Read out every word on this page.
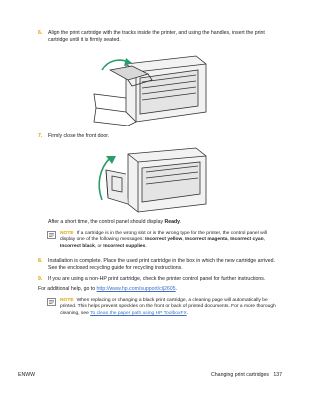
6. Align the print cartridge with the tracks inside the printer, and using the handles, insert the print cartridge until it is firmly seated.
7. Firmly close the front door.
After a short time, the control panel should display Ready.
NOTE If a cartridge is in the wrong slot or is the wrong type for the printer, the control panel will display one of the following messages: Incorrect yellow, Incorrect magenta, Incorrect cyan, Incorrect black, or Incorrect supplies.
8. Installation is complete. Place the used print cartridge in the box in which the new cartridge arrived. See the enclosed recycling guide for recycling instructions.
9. If you are using a non-HP print cartridge, check the printer control panel for further instructions.
For additional help, go to http://www.hp.com/support/clj2605.
NOTE When replacing or changing a black print cartridge, a cleaning page will automatically be printed. This helps prevent speckles on the front or back of printed documents. For a more thorough cleaning, see To clean the paper path using HP ToolboxFX.
ENWW	Changing print cartridges   137
